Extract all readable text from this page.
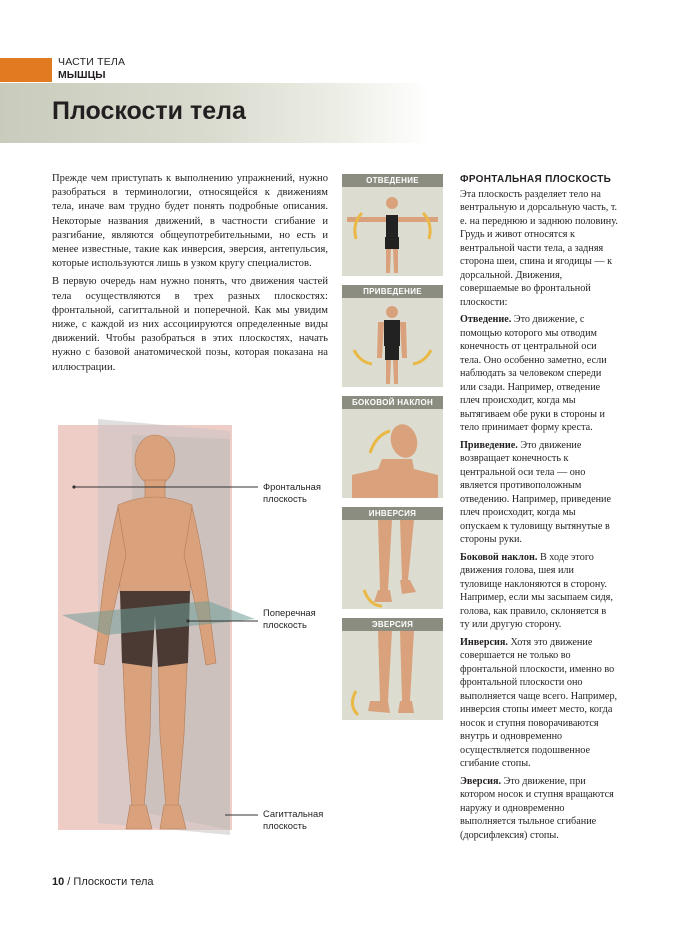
ЧАСТИ ТЕЛА
МЫШЦЫ
Плоскости тела

Прежде чем приступать к выполнению упражнений, нужно разобраться в терминологии, относящейся к движениям тела, иначе вам трудно будет понять подробные описания. Некоторые названия движений, в частности сгибание и разгибание, являются общеупотребительными, но есть и менее известные, такие как инверсия, эверсия, антепульсия, которые используются лишь в узком кругу специалистов.

В первую очередь нам нужно понять, что движения частей тела осуществляются в трех разных плоскостях: фронтальной, сагиттальной и поперечной. Как мы увидим ниже, с каждой из них ассоциируются определенные виды движений. Чтобы разобраться в этих плоскостях, начать нужно с базовой анатомической позы, которая показана на иллюстрации.

Фронтальная
плоскость
Поперечная
плоскость
Сагиттальная
плоскость
ОТВЕДЕНИЕ
ПРИВЕДЕНИЕ
БОКОВОЙ НАКЛОН
ИНВЕРСИЯ
ЭВЕРСИЯ
ФРОНТАЛЬНАЯ ПЛОСКОСТЬ

Эта плоскость разделяет тело на вентральную и дорсальную часть, т. е. на переднюю и заднюю половину. Грудь и живот относятся к вентральной части тела, а задняя сторона шеи, спина и ягодицы — к дорсальной. Движения, совершаемые во фронтальной плоскости:

Отведение. Это движение, с помощью которого мы отводим конечность от центральной оси тела. Оно особенно заметно, если наблюдать за человеком спереди или сзади. Например, отведение плеч происходит, когда мы вытягиваем обе руки в стороны и тело принимает форму креста.

Приведение. Это движение возвращает конечность к центральной оси тела — оно является противоположным отведению. Например, приведение плеч происходит, когда мы опускаем к туловищу вытянутые в стороны руки.

Боковой наклон. В ходе этого движения голова, шея или туловище наклоняются в сторону. Например, если мы засыпаем сидя, голова, как правило, склоняется в ту или другую сторону.

Инверсия. Хотя это движение совершается не только во фронтальной плоскости, именно во фронтальной плоскости оно выполняется чаще всего. Например, инверсия стопы имеет место, когда носок и ступня поворачиваются внутрь и одновременно осуществляется подошвенное сгибание стопы.

Эверсия. Это движение, при котором носок и ступня вращаются наружу и одновременно выполняется тыльное сгибание (дорсифлексия) стопы.

10 / Плоскости тела
